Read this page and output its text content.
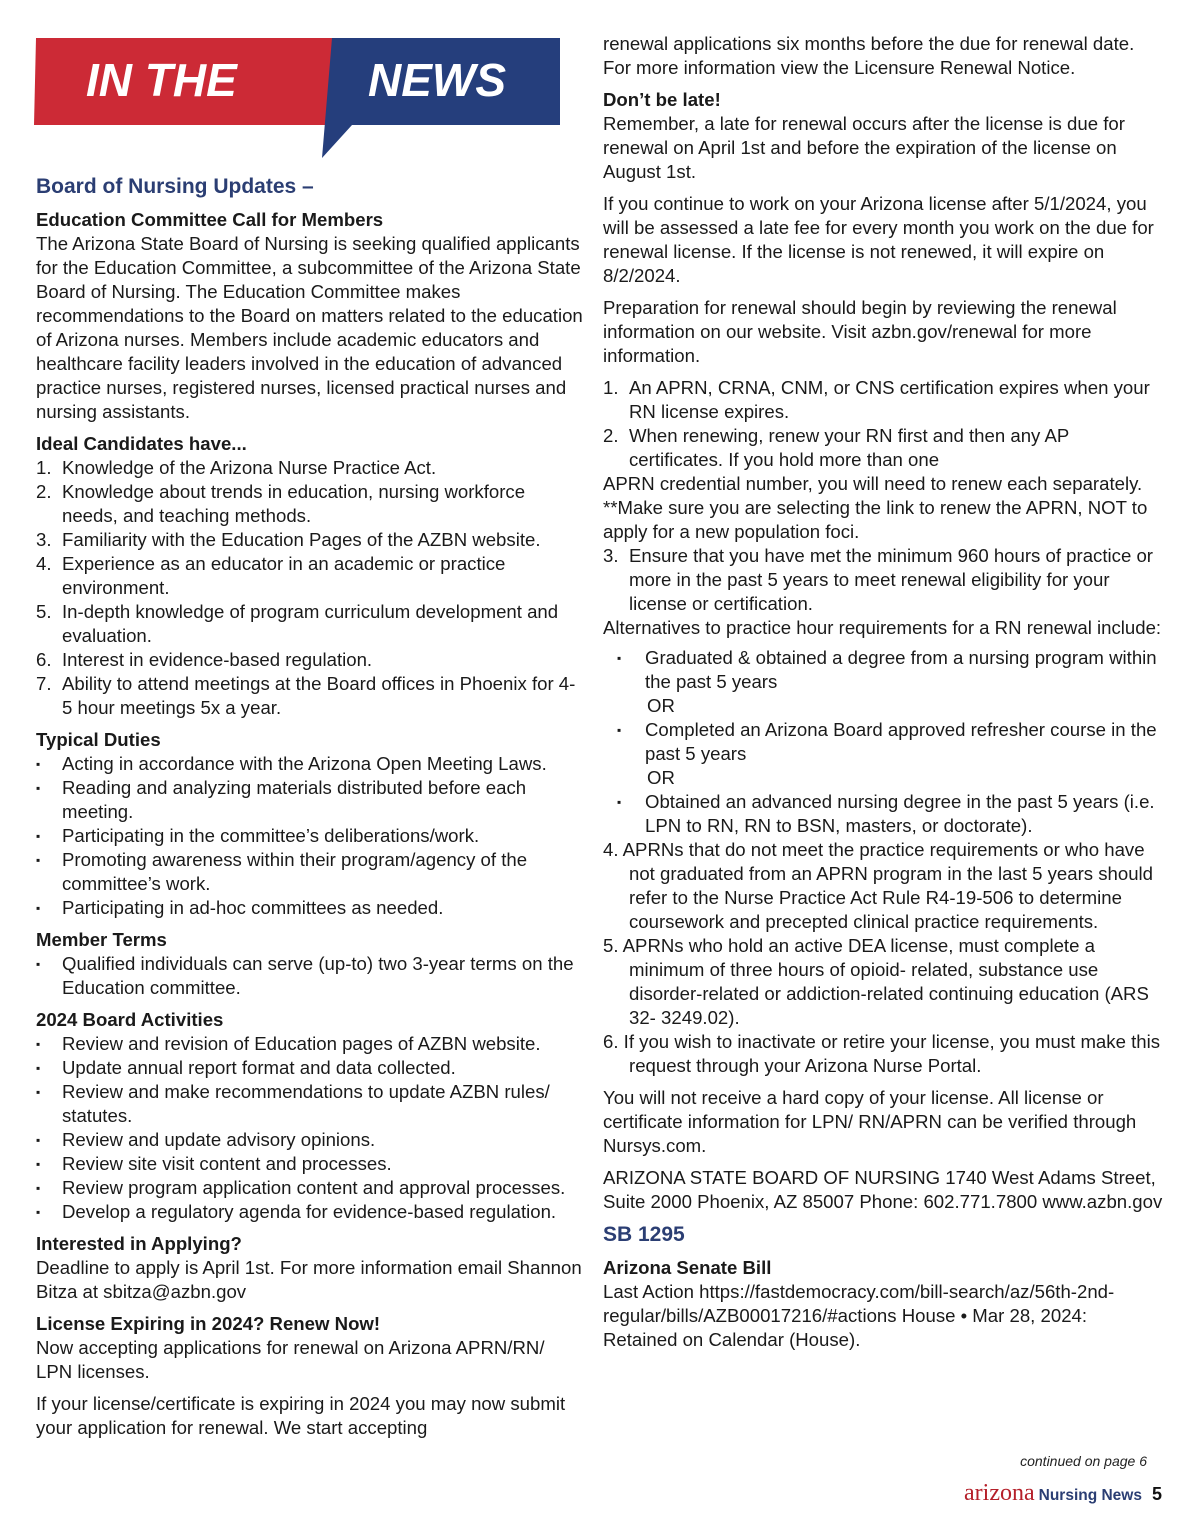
IN THE	NEWS
Board of Nursing Updates –
Education Committee Call for Members

The Arizona State Board of Nursing is seeking qualified applicants for the Education Committee, a subcommittee of the Arizona State Board of Nursing. The Education Committee makes recommendations to the Board on matters related to the education of Arizona nurses. Members include academic educators and healthcare facility leaders involved in the education of advanced practice nurses, registered nurses, licensed practical nurses and nursing assistants.

Ideal Candidates have...
1. Knowledge of the Arizona Nurse Practice Act.
2. Knowledge about trends in education, nursing workforce needs, and teaching methods.
3. Familiarity with the Education Pages of the AZBN website.
4. Experience as an educator in an academic or practice environment.
5. In-depth knowledge of program curriculum development and evaluation.
6. Interest in evidence-based regulation.
7. Ability to attend meetings at the Board offices in Phoenix for 4-5 hour meetings 5x a year.
Typical Duties
▪ Acting in accordance with the Arizona Open Meeting Laws.
▪ Reading and analyzing materials distributed before each meeting.
▪ Participating in the committee’s deliberations/work.
▪ Promoting awareness within their program/agency of the committee’s work.
▪ Participating in ad-hoc committees as needed.
Member Terms
▪ Qualified individuals can serve (up-to) two 3-year terms on the Education committee.
2024 Board Activities
▪ Review and revision of Education pages of AZBN website.
▪ Update annual report format and data collected.
▪ Review and make recommendations to update AZBN rules/ statutes.
▪ Review and update advisory opinions.
▪ Review site visit content and processes.
▪ Review program application content and approval processes.
▪ Develop a regulatory agenda for evidence-based regulation.
Interested in Applying?

Deadline to apply is April 1st. For more information email Shannon Bitza at sbitza@azbn.gov

License Expiring in 2024? Renew Now!

Now accepting applications for renewal on Arizona APRN/RN/ LPN licenses.

If your license/certificate is expiring in 2024 you may now submit your application for renewal. We start accepting

renewal applications six months before the due for renewal date. For more information view the Licensure Renewal Notice.

Don’t be late!

Remember, a late for renewal occurs after the license is due for renewal on April 1st and before the expiration of the license on August 1st.

If you continue to work on your Arizona license after 5/1/2024, you will be assessed a late fee for every month you work on the due for renewal license. If the license is not renewed, it will expire on 8/2/2024.

Preparation for renewal should begin by reviewing the renewal information on our website. Visit azbn.gov/renewal for more information.

1. An APRN, CRNA, CNM, or CNS certification expires when your RN license expires.
2. When renewing, renew your RN first and then any AP certificates. If you hold more than one
APRN credential number, you will need to renew each separately.
**Make sure you are selecting the link to renew the APRN, NOT to apply for a new population foci.
3. Ensure that you have met the minimum 960 hours of practice or more in the past 5 years to meet renewal eligibility for your license or certification.
Alternatives to practice hour requirements for a RN renewal include:
▪ Graduated & obtained a degree from a nursing program within the past 5 years
OR
▪ Completed an Arizona Board approved refresher course in the past 5 years
OR
▪ Obtained an advanced nursing degree in the past 5 years (i.e. LPN to RN, RN to BSN, masters, or doctorate).
4. APRNs that do not meet the practice requirements or who have not graduated from an APRN program in the last 5 years should refer to the Nurse Practice Act Rule R4-19-506 to determine coursework and precepted clinical practice requirements.
5. APRNs who hold an active DEA license, must complete a minimum of three hours of opioid- related, substance use disorder-related or addiction-related continuing education (ARS 32- 3249.02).
6. If you wish to inactivate or retire your license, you must make this request through your Arizona Nurse Portal.

You will not receive a hard copy of your license. All license or certificate information for LPN/ RN/APRN can be verified through Nursys.com.

ARIZONA STATE BOARD OF NURSING 1740 West Adams Street, Suite 2000 Phoenix, AZ 85007 Phone: 602.771.7800 www.azbn.gov

SB 1295
Arizona Senate Bill

Last Action https://fastdemocracy.com/bill-search/az/56th-2nd-regular/bills/AZB00017216/#actions House • Mar 28, 2024: Retained on Calendar (House).

continued on page 6
arizona Nursing News 5
